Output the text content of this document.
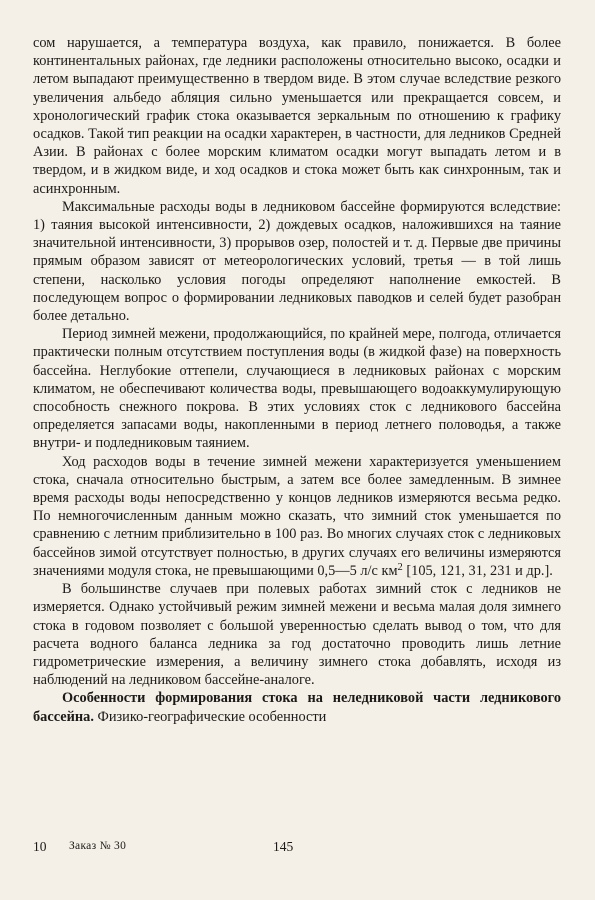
сом нарушается, а температура воздуха, как правило, понижается. В более континентальных районах, где ледники расположены относительно высоко, осадки и летом выпадают преимущественно в твердом виде. В этом случае вследствие резкого увеличения альбедо абляция сильно уменьшается или прекращается совсем, и хронологический график стока оказывается зеркальным по отношению к графику осадков. Такой тип реакции на осадки характерен, в частности, для ледников Средней Азии. В районах с более морским климатом осадки могут выпадать летом и в твердом, и в жидком виде, и ход осадков и стока может быть как синхронным, так и асинхронным.

Максимальные расходы воды в ледниковом бассейне формируются вследствие: 1) таяния высокой интенсивности, 2) дождевых осадков, наложившихся на таяние значительной интенсивности, 3) прорывов озер, полостей и т. д. Первые две причины прямым образом зависят от метеорологических условий, третья — в той лишь степени, насколько условия погоды определяют наполнение емкостей. В последующем вопрос о формировании ледниковых паводков и селей будет разобран более детально.

Период зимней межени, продолжающийся, по крайней мере, полгода, отличается практически полным отсутствием поступления воды (в жидкой фазе) на поверхность бассейна. Неглубокие оттепели, случающиеся в ледниковых районах с морским климатом, не обеспечивают количества воды, превышающего водоаккумулирующую способность снежного покрова. В этих условиях сток с ледникового бассейна определяется запасами воды, накопленными в период летнего половодья, а также внутри- и подледниковым таянием.

Ход расходов воды в течение зимней межени характеризуется уменьшением стока, сначала относительно быстрым, а затем все более замедленным. В зимнее время расходы воды непосредственно у концов ледников измеряются весьма редко. По немногочисленным данным можно сказать, что зимний сток уменьшается по сравнению с летним приблизительно в 100 раз. Во многих случаях сток с ледниковых бассейнов зимой отсутствует полностью, в других случаях его величины измеряются значениями модуля стока, не превышающими 0,5—5 л/с $км^2$ [105, 121, 31, 231 и др.].

В большинстве случаев при полевых работах зимний сток с ледников не измеряется. Однако устойчивый режим зимней межени и весьма малая доля зимнего стока в годовом позволяет с большой уверенностью сделать вывод о том, что для расчета водного баланса ледника за год достаточно проводить лишь летние гидрометрические измерения, а величину зимнего стока добавлять, исходя из наблюдений на ледниковом бассейне-аналоге.

Особенности формирования стока на неледниковой части ледникового бассейна. Физико-географические особенности

10 Заказ № 30	145
